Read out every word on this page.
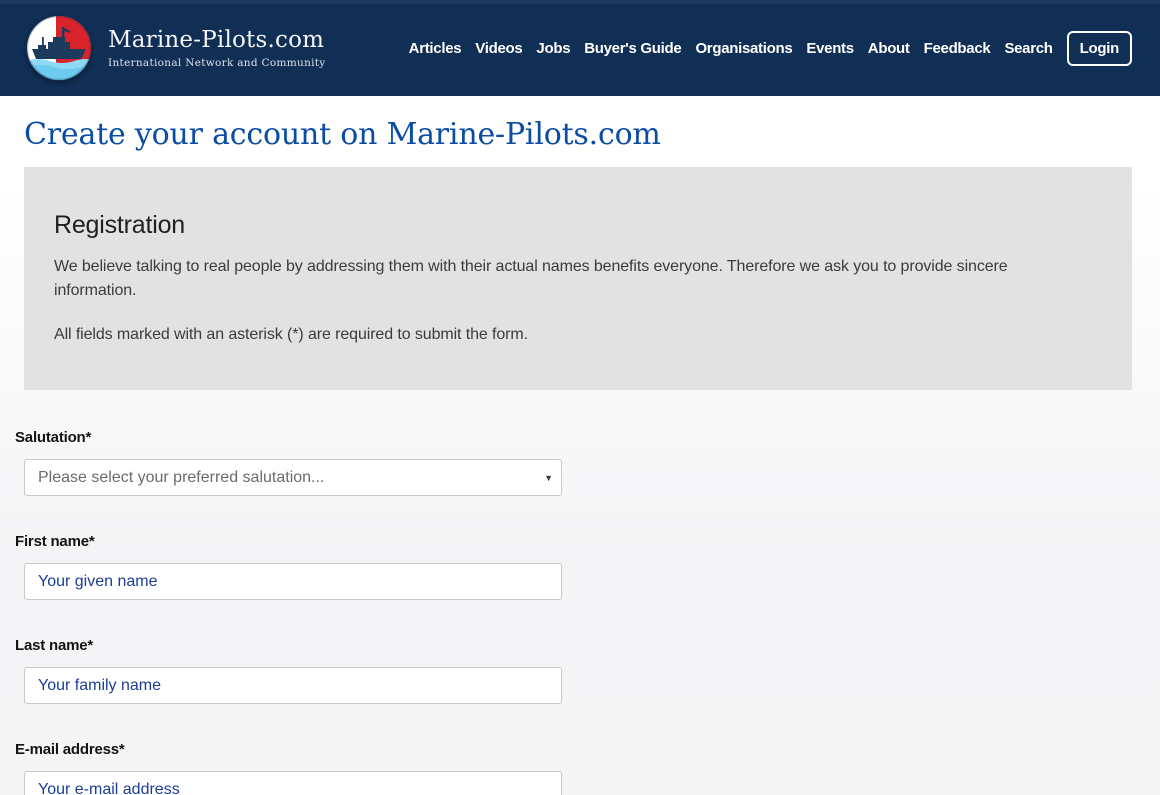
Marine-Pilots.com
International Network and Community
Articles Videos Jobs Buyer's Guide Organisations Events About Feedback Search	Login
Create your account on Marine-Pilots.com
Registration

We believe talking to real people by addressing them with their actual names benefits everyone. Therefore we ask you to provide sincere information.

All fields marked with an asterisk (*) are required to submit the form.

Salutation*
Please select your preferred salutation...
▼
First name*
Your given name
Last name*
Your family name
E-mail address*
Your e-mail address
